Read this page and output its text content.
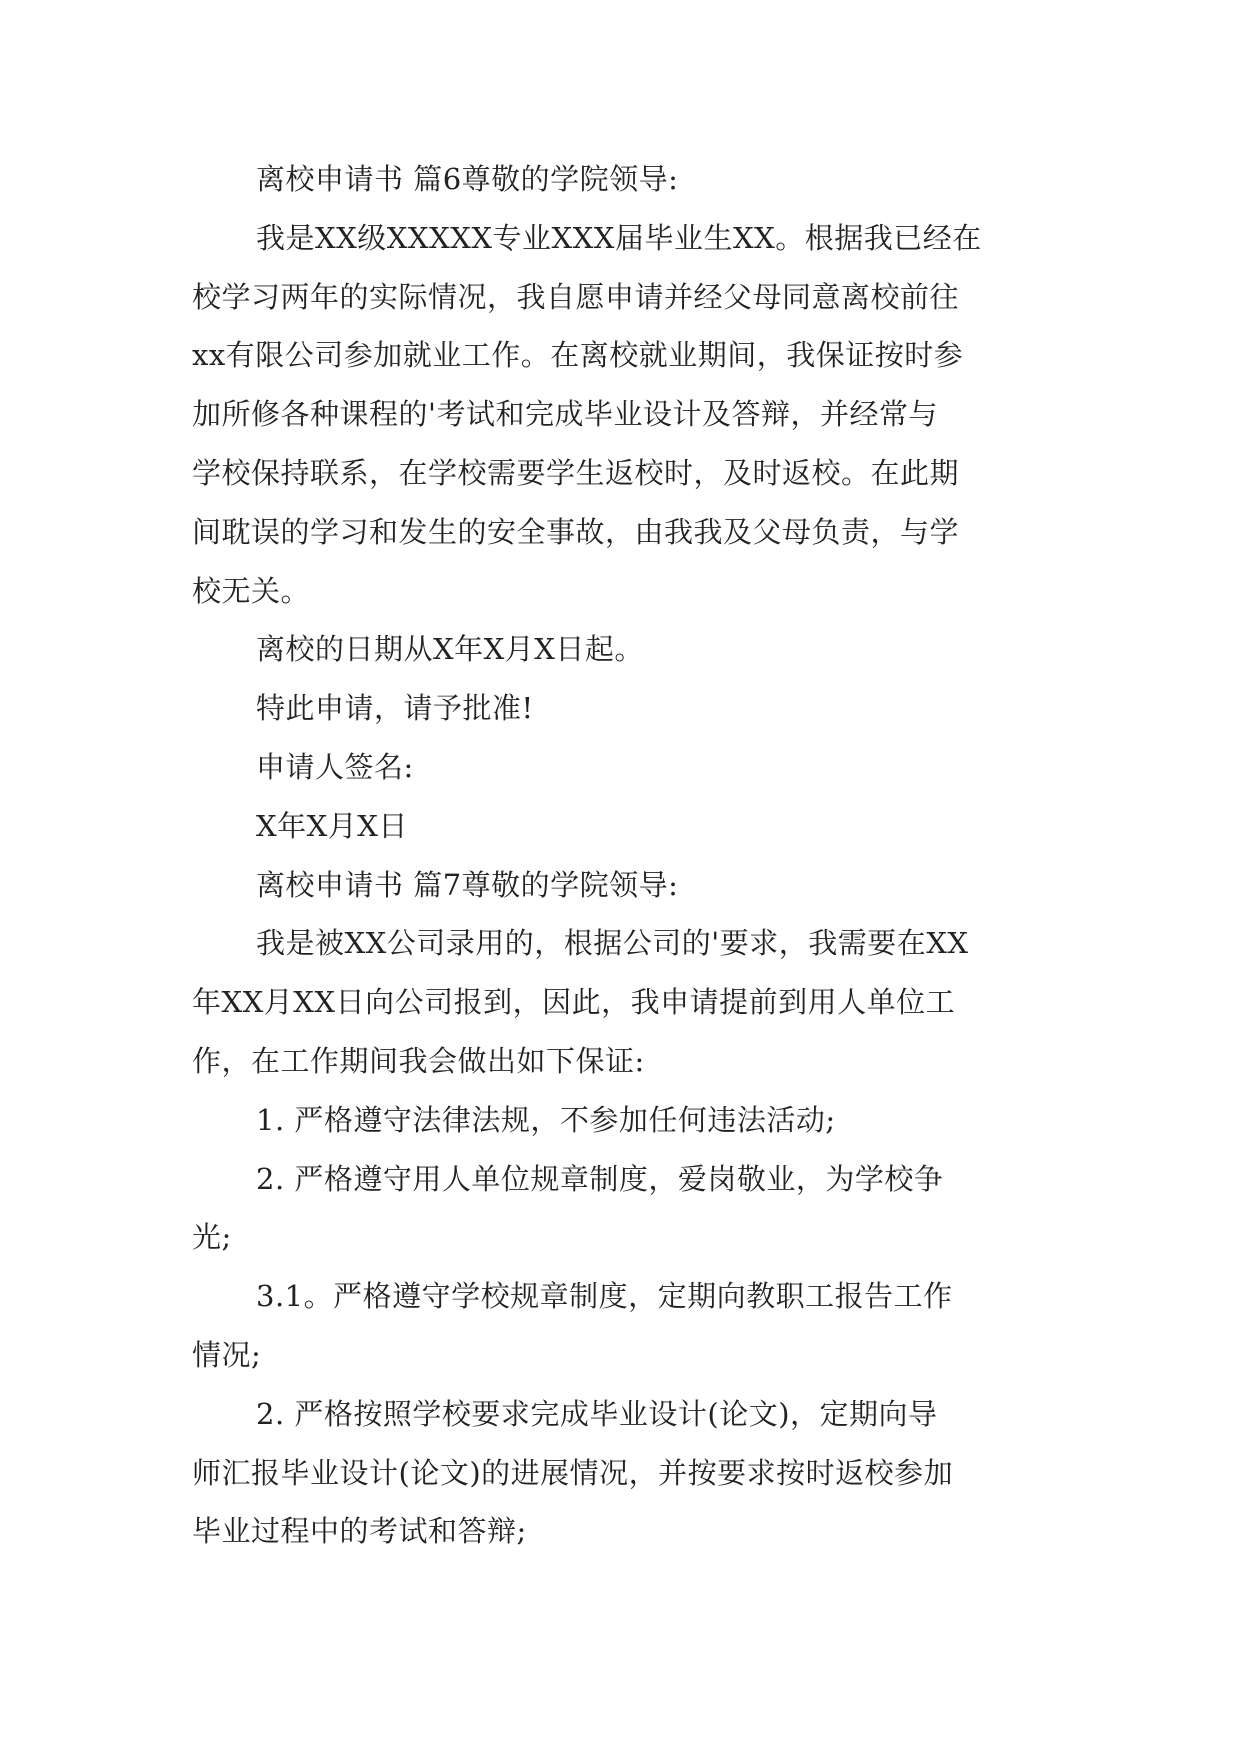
离校申请书 篇6尊敬的学院领导:
我是XX级XXXXX专业XXX届毕业生XX。根据我已经在
校学习两年的实际情况，我自愿申请并经父母同意离校前往
xx有限公司参加就业工作。在离校就业期间，我保证按时参
加所修各种课程的'考试和完成毕业设计及答辩，并经常与
学校保持联系，在学校需要学生返校时，及时返校。在此期
间耽误的学习和发生的安全事故，由我我及父母负责，与学
校无关。
离校的日期从X年X月X日起。
特此申请，请予批准!
申请人签名:
X年X月X日
离校申请书 篇7尊敬的学院领导:
我是被XX公司录用的，根据公司的'要求，我需要在XX
年XX月XX日向公司报到，因此，我申请提前到用人单位工
作，在工作期间我会做出如下保证:
1. 严格遵守法律法规，不参加任何违法活动;
2. 严格遵守用人单位规章制度，爱岗敬业，为学校争
光;
3.1。严格遵守学校规章制度，定期向教职工报告工作
情况;
2. 严格按照学校要求完成毕业设计(论文)，定期向导
师汇报毕业设计(论文)的进展情况，并按要求按时返校参加
毕业过程中的考试和答辩;
